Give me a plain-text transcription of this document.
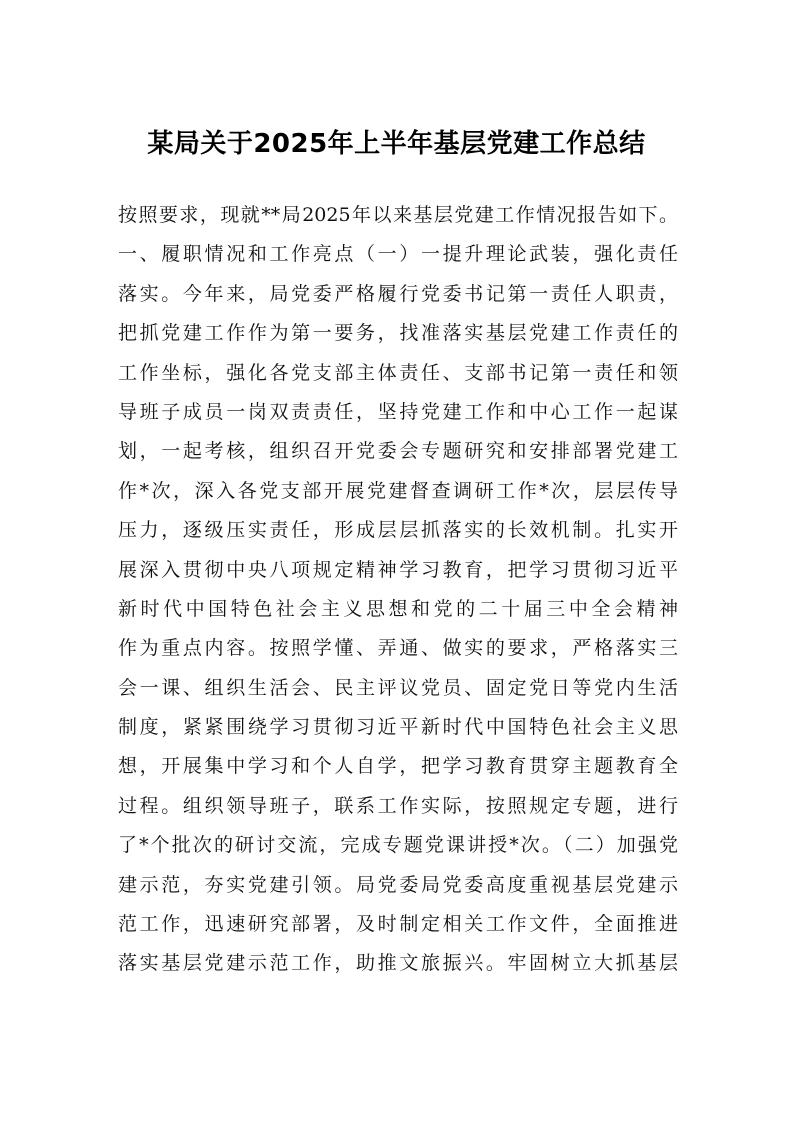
某局关于2025年上半年基层党建工作总结
按照要求，现就**局2025年以来基层党建工作情况报告如下。
一、履职情况和工作亮点（一）一提升理论武装，强化责任
落实。今年来，局党委严格履行党委书记第一责任人职责，
把抓党建工作作为第一要务，找准落实基层党建工作责任的
工作坐标，强化各党支部主体责任、支部书记第一责任和领
导班子成员一岗双责责任，坚持党建工作和中心工作一起谋
划，一起考核，组织召开党委会专题研究和安排部署党建工
作*次，深入各党支部开展党建督查调研工作*次，层层传导
压力，逐级压实责任，形成层层抓落实的长效机制。扎实开
展深入贯彻中央八项规定精神学习教育，把学习贯彻习近平
新时代中国特色社会主义思想和党的二十届三中全会精神
作为重点内容。按照学懂、弄通、做实的要求，严格落实三
会一课、组织生活会、民主评议党员、固定党日等党内生活
制度，紧紧围绕学习贯彻习近平新时代中国特色社会主义思
想，开展集中学习和个人自学，把学习教育贯穿主题教育全
过程。组织领导班子，联系工作实际，按照规定专题，进行
了*个批次的研讨交流，完成专题党课讲授*次。（二）加强党
建示范，夯实党建引领。局党委局党委高度重视基层党建示
范工作，迅速研究部署，及时制定相关工作文件，全面推进
落实基层党建示范工作，助推文旅振兴。牢固树立大抓基层
